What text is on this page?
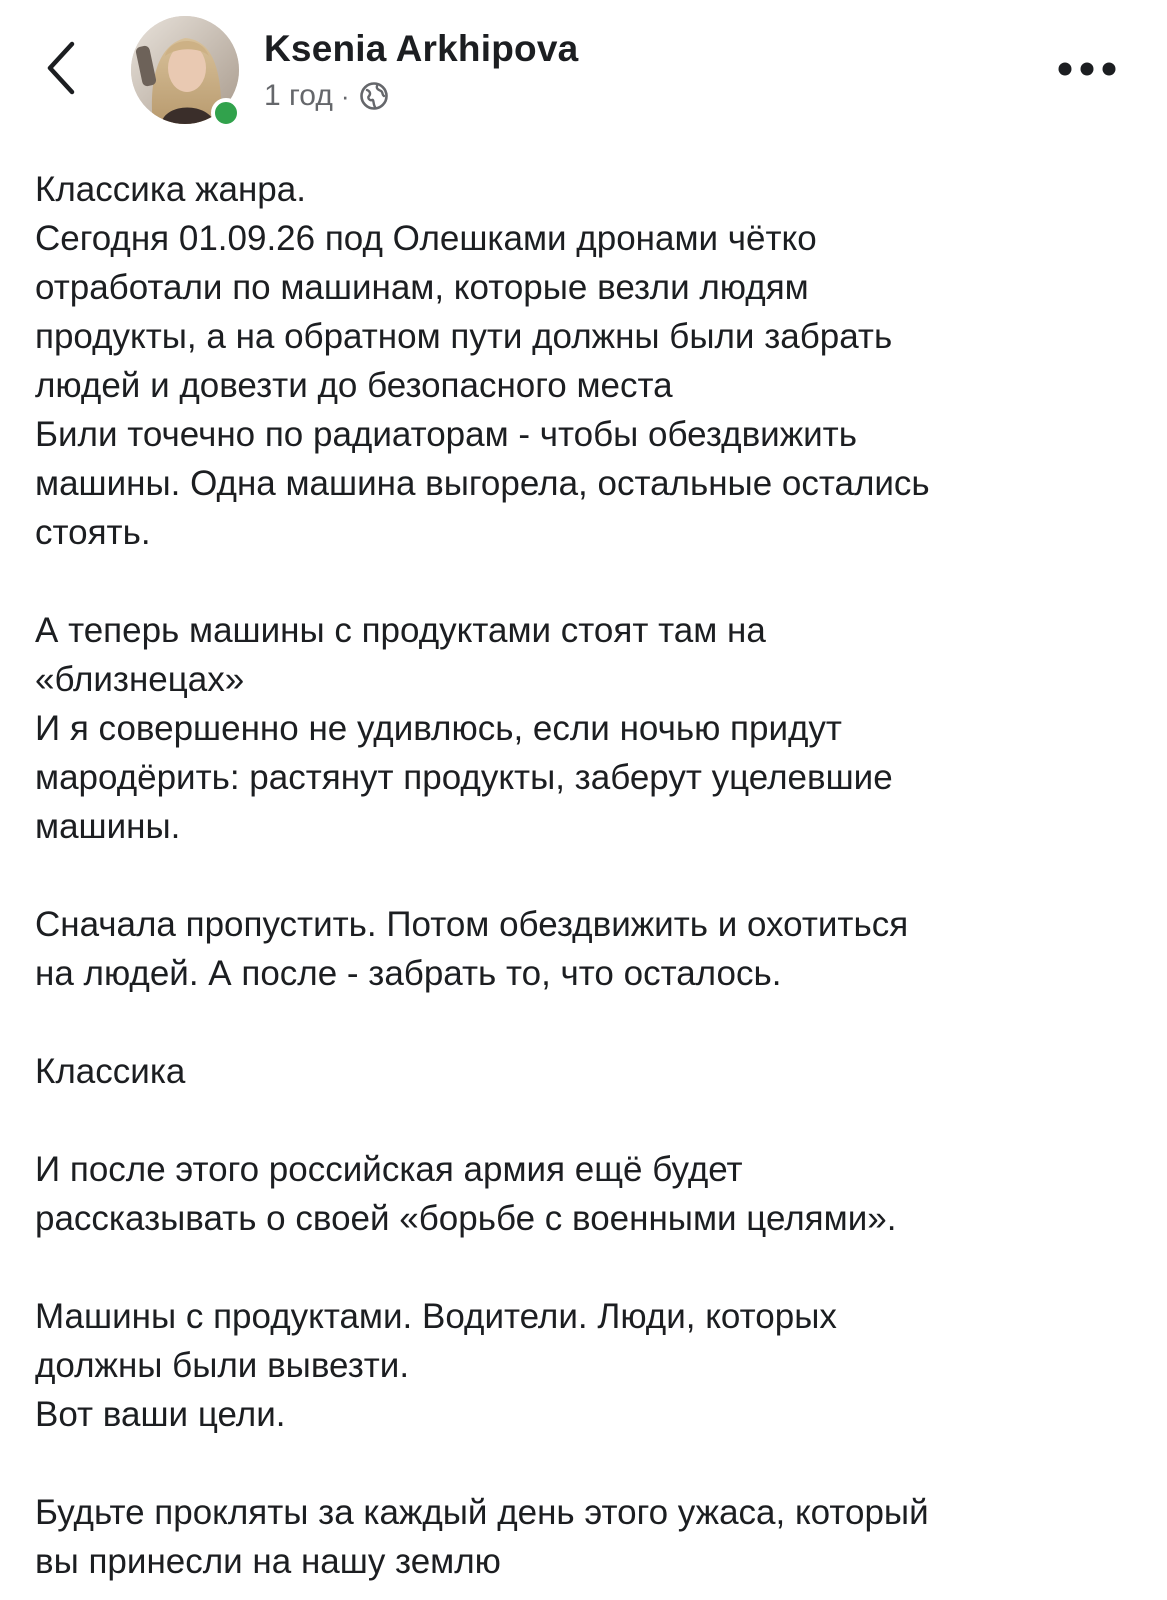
Ksenia Arkhipova
1 год ·
Классика жанра.
Сегодня 01.09.26 под Олешками дронами чётко
отработали по машинам, которые везли людям
продукты, а на обратном пути должны были забрать
людей и довезти до безопасного места
Били точечно по радиаторам - чтобы обездвижить
машины. Одна машина выгорела, остальные остались
стоять.
А теперь машины с продуктами стоят там на
«близнецах»
И я совершенно не удивлюсь, если ночью придут
мародёрить: растянут продукты, заберут уцелевшие
машины.
Сначала пропустить. Потом обездвижить и охотиться
на людей. А после - забрать то, что осталось.
Классика
И после этого российская армия ещё будет
рассказывать о своей «борьбе с военными целями».
Машины с продуктами. Водители. Люди, которых
должны были вывезти.
Вот ваши цели.
Будьте прокляты за каждый день этого ужаса, который
вы принесли на нашу землю
